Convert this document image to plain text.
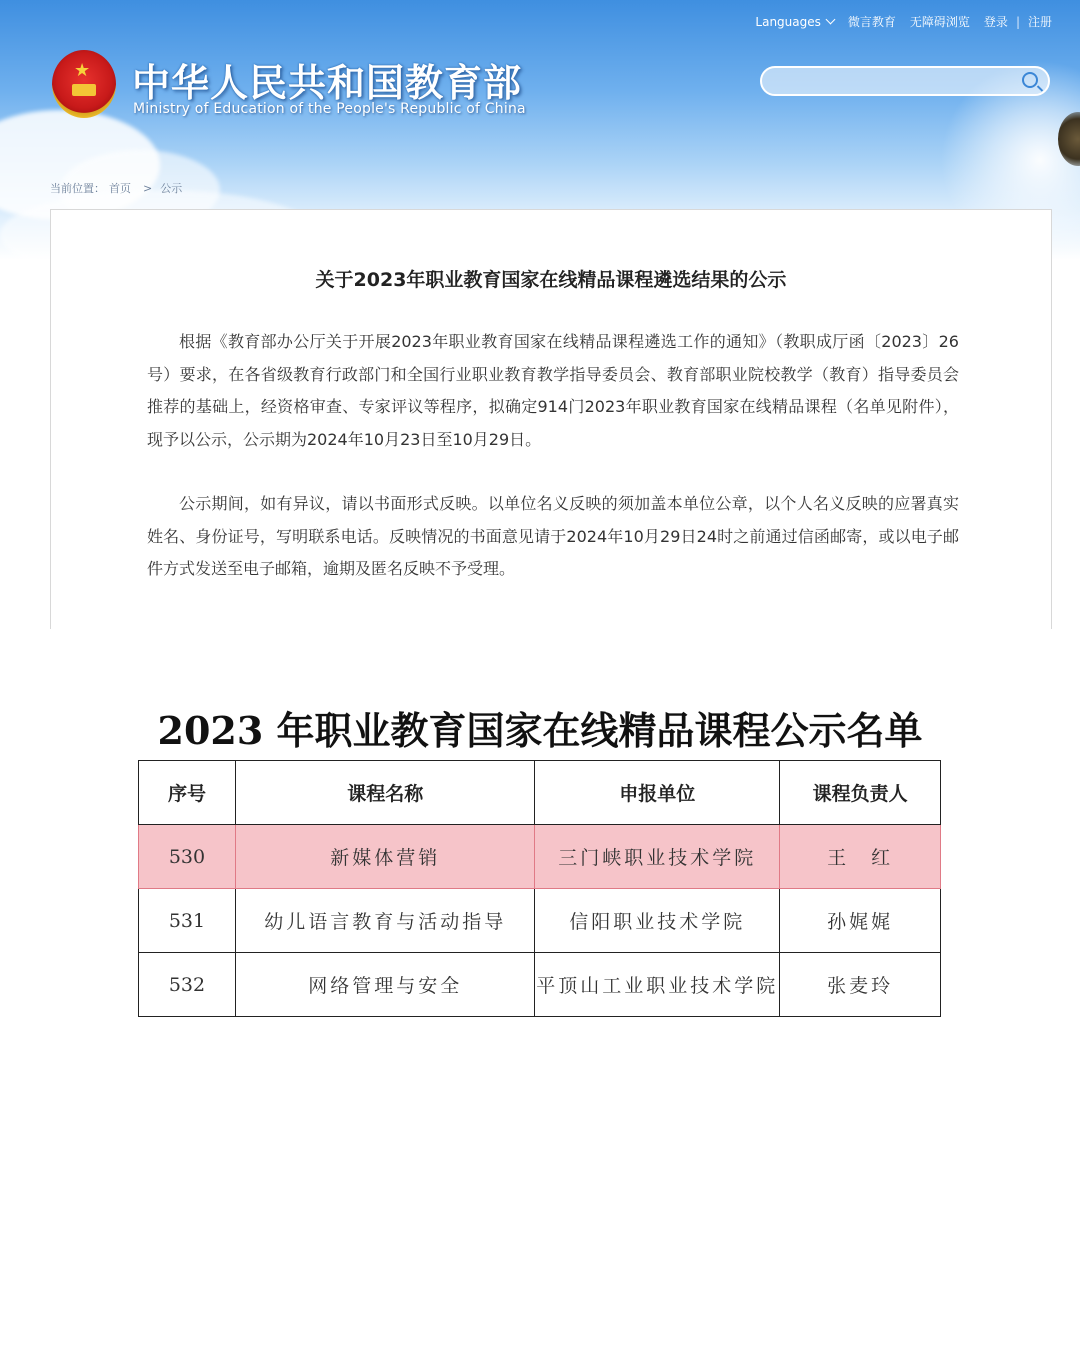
Languages	微言教育 无障碍浏览 登录 | 注册
★ 中华人民共和国教育部
Ministry of Education of the People's Republic of China
当前位置： 首页 > 公示
关于2023年职业教育国家在线精品课程遴选结果的公示

根据《教育部办公厅关于开展2023年职业教育国家在线精品课程遴选工作的通知》（教职成厅函〔2023〕26号）要求，在各省级教育行政部门和全国行业职业教育教学指导委员会、教育部职业院校教学（教育）指导委员会推荐的基础上，经资格审查、专家评议等程序，拟确定914门2023年职业教育国家在线精品课程（名单见附件），现予以公示，公示期为2024年10月23日至10月29日。

公示期间，如有异议，请以书面形式反映。以单位名义反映的须加盖本单位公章，以个人名义反映的应署真实姓名、身份证号，写明联系电话。反映情况的书面意见请于2024年10月29日24时之前通过信函邮寄，或以电子邮件方式发送至电子邮箱，逾期及匿名反映不予受理。

2023 年职业教育国家在线精品课程公示名单
序号	课程名称	申报单位	课程负责人
530	新媒体营销	三门峡职业技术学院	王　红
531	幼儿语言教育与活动指导	信阳职业技术学院	孙娓娓
532	网络管理与安全	平顶山工业职业技术学院	张麦玲
